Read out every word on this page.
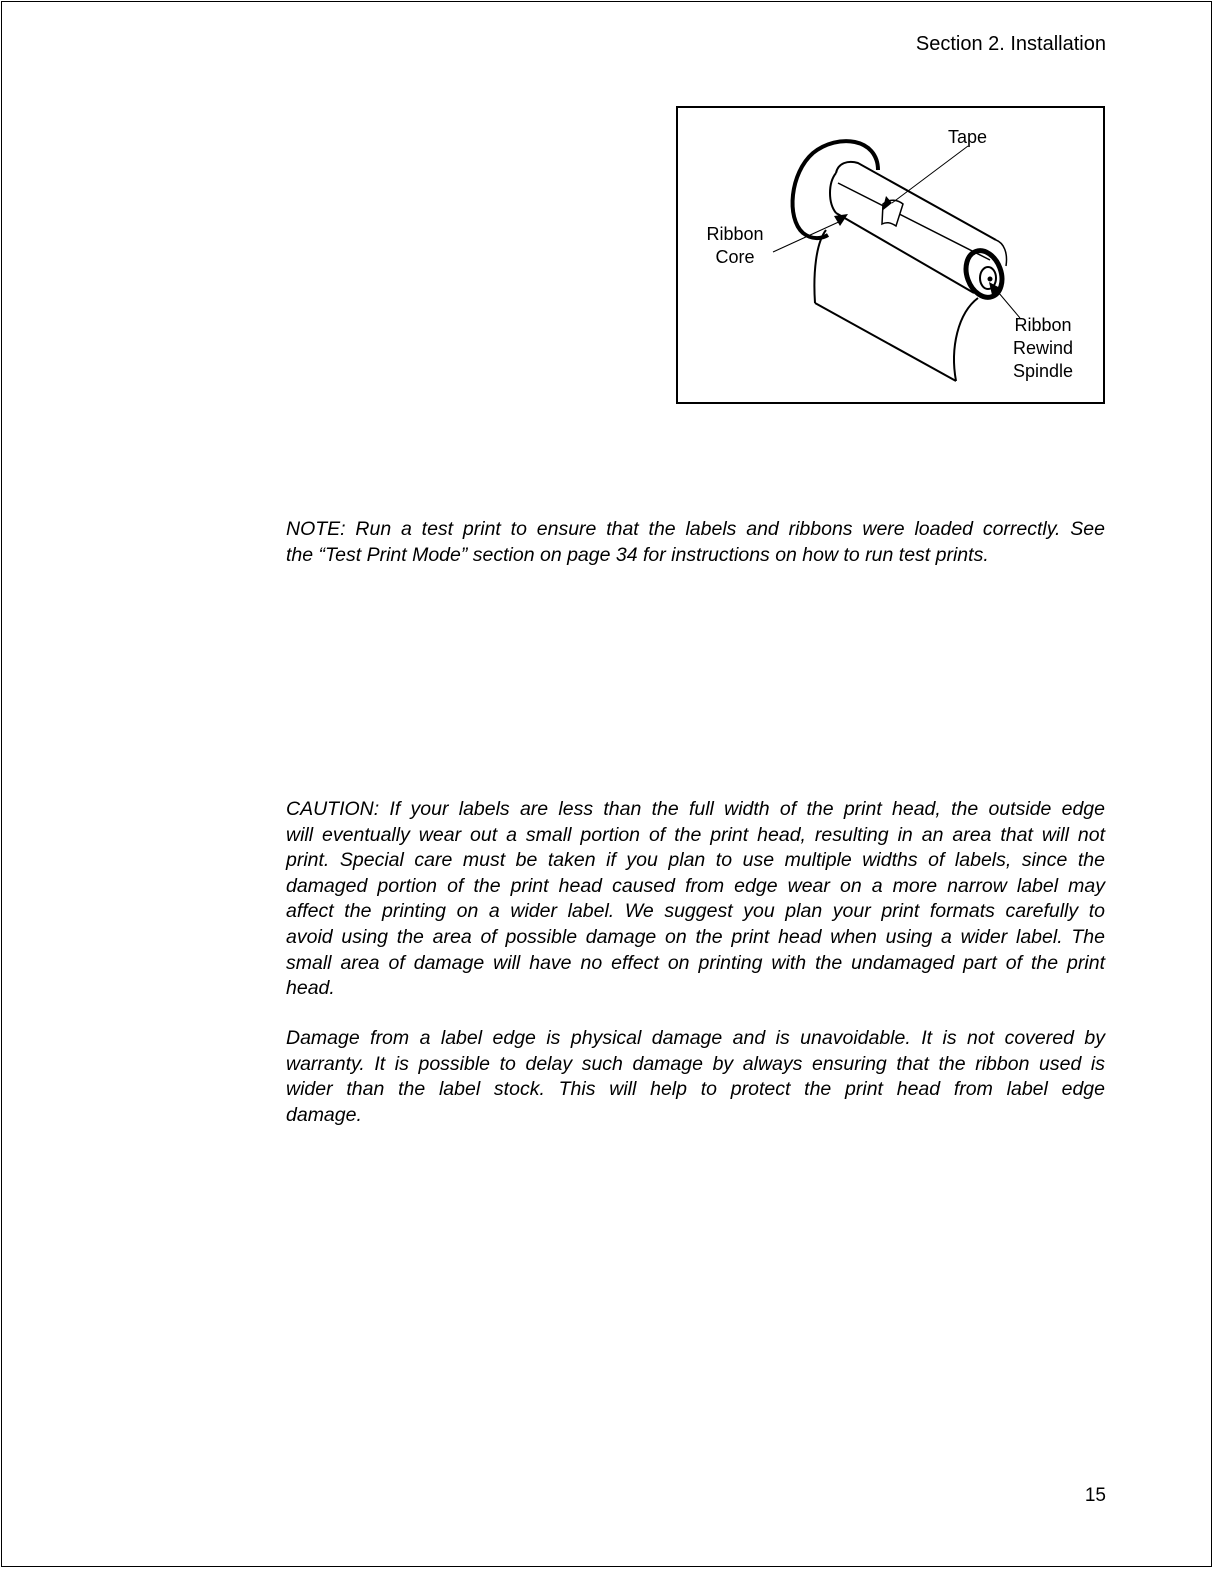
Section 2. Installation
Tape
Ribbon
Core
Ribbon
Rewind
Spindle
NOTE: Run a test print to ensure that the labels and ribbons were loaded correctly. See
the “Test Print Mode” section on page 34 for instructions on how to run test prints.
CAUTION: If your labels are less than the full width of the print head, the outside edge
will eventually wear out a small portion of the print head, resulting in an area that will not
print. Special care must be taken if you plan to use multiple widths of labels, since the
damaged portion of the print head caused from edge wear on a more narrow label may
affect the printing on a wider label. We suggest you plan your print formats carefully to
avoid using the area of possible damage on the print head when using a wider label. The
small area of damage will have no effect on printing with the undamaged part of the print
head.
Damage from a label edge is physical damage and is unavoidable. It is not covered by
warranty. It is possible to delay such damage by always ensuring that the ribbon used is
wider than the label stock. This will help to protect the print head from label edge
damage.
15
